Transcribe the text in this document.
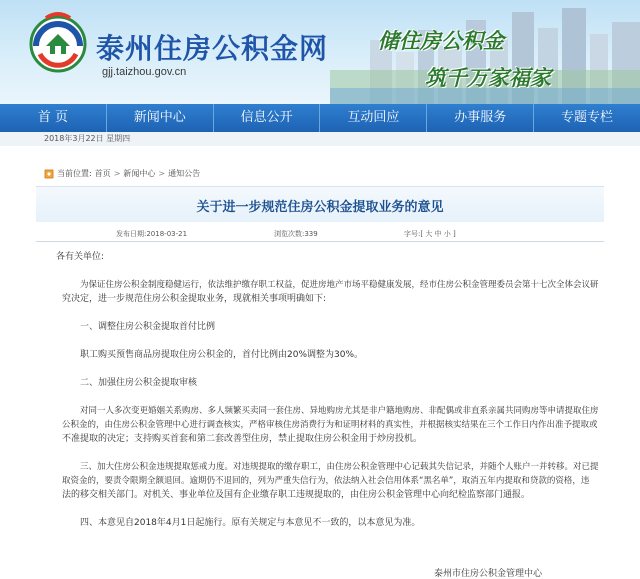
泰州住房公积金网
gjj.taizhou.gov.cn
储住房公积金
筑千万家福家
首 页	新闻中心	信息公开	互动回应	办事服务	专题专栏
2018年3月22日 星期四
当前位置: 首页 > 新闻中心 > 通知公告
关于进一步规范住房公积金提取业务的意见
发布日期:2018-03-21	浏览次数:339	字号:[ 大 中 小 ]
各有关单位:
为保证住房公积金制度稳健运行，依法维护缴存职工权益，促进房地产市场平稳健康发展，经市住房公积金管理委员会第十七次全体会议研
究决定，进一步规范住房公积金提取业务，现就相关事项明确如下:
一、调整住房公积金提取首付比例
职工购买预售商品房提取住房公积金的，首付比例由20%调整为30%。
二、加强住房公积金提取审核
对同一人多次变更婚姻关系购房、多人频繁买卖同一套住房、异地购房尤其是非户籍地购房、非配偶或非直系亲属共同购房等申请提取住房
公积金的，由住房公积金管理中心进行调查核实，严格审核住房消费行为和证明材料的真实性，并根据核实结果在三个工作日内作出准予提取或
不准提取的决定；支持购买首套和第二套改善型住房，禁止提取住房公积金用于炒房投机。
三、加大住房公积金违规提取惩戒力度。对违规提取的缴存职工，由住房公积金管理中心记载其失信记录，并随个人账户一并转移。对已提
取资金的，要责令限期全额退回。逾期仍不退回的，列为严重失信行为，依法纳入社会信用体系“黑名单”，取消五年内提取和贷款的资格，违
法的移交相关部门。对机关、事业单位及国有企业缴存职工违规提取的，由住房公积金管理中心向纪检监察部门通报。
四、本意见自2018年4月1日起施行。原有关规定与本意见不一致的，以本意见为准。
泰州市住房公积金管理中心
